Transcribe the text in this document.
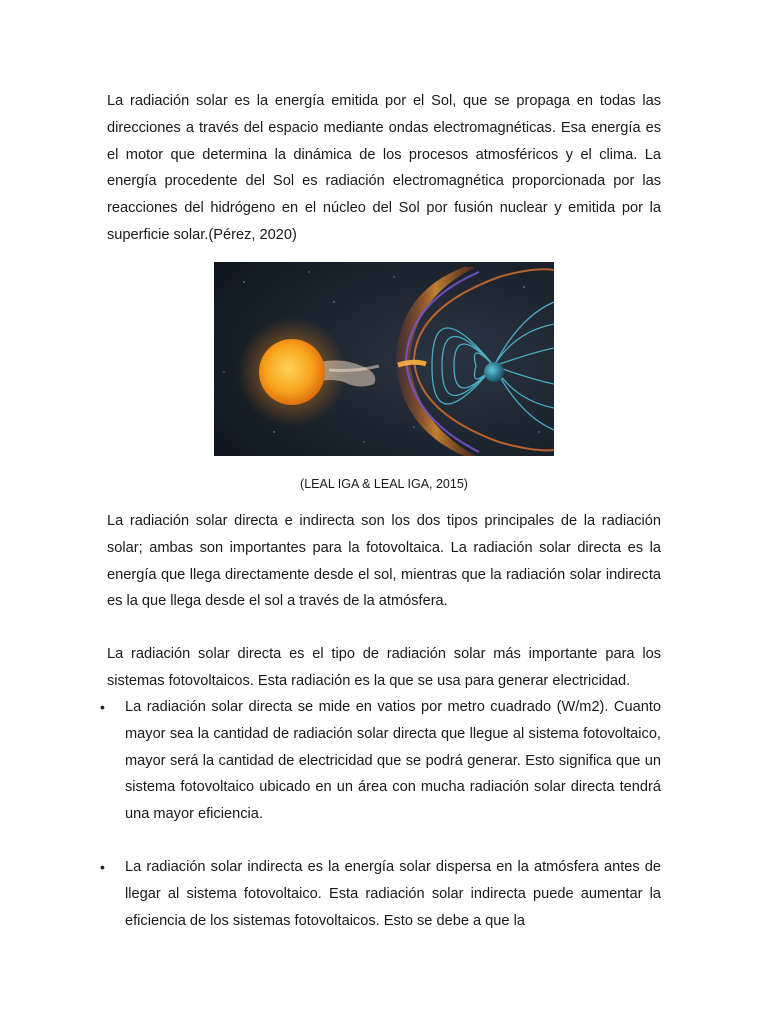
La radiación solar es la energía emitida por el Sol, que se propaga en todas las direcciones a través del espacio mediante ondas electromagnéticas. Esa energía es el motor que determina la dinámica de los procesos atmosféricos y el clima. La energía procedente del Sol es radiación electromagnética proporcionada por las reacciones del hidrógeno en el núcleo del Sol por fusión nuclear y emitida por la superficie solar.(Pérez, 2020)

(LEAL IGA & LEAL IGA, 2015)

La radiación solar directa e indirecta son los dos tipos principales de la radiación solar; ambas son importantes para la fotovoltaica. La radiación solar directa es la energía que llega directamente desde el sol, mientras que la radiación solar indirecta es la que llega desde el sol a través de la atmósfera.

La radiación solar directa es el tipo de radiación solar más importante para los sistemas fotovoltaicos. Esta radiación es la que se usa para generar electricidad.

•	La radiación solar directa se mide en vatios por metro cuadrado (W/m2). Cuanto mayor sea la cantidad de radiación solar directa que llegue al sistema fotovoltaico, mayor será la cantidad de electricidad que se podrá generar. Esto significa que un sistema fotovoltaico ubicado en un área con mucha radiación solar directa tendrá una mayor eficiencia.
•	La radiación solar indirecta es la energía solar dispersa en la atmósfera antes de llegar al sistema fotovoltaico. Esta radiación solar indirecta puede aumentar la eficiencia de los sistemas fotovoltaicos. Esto se debe a que la
